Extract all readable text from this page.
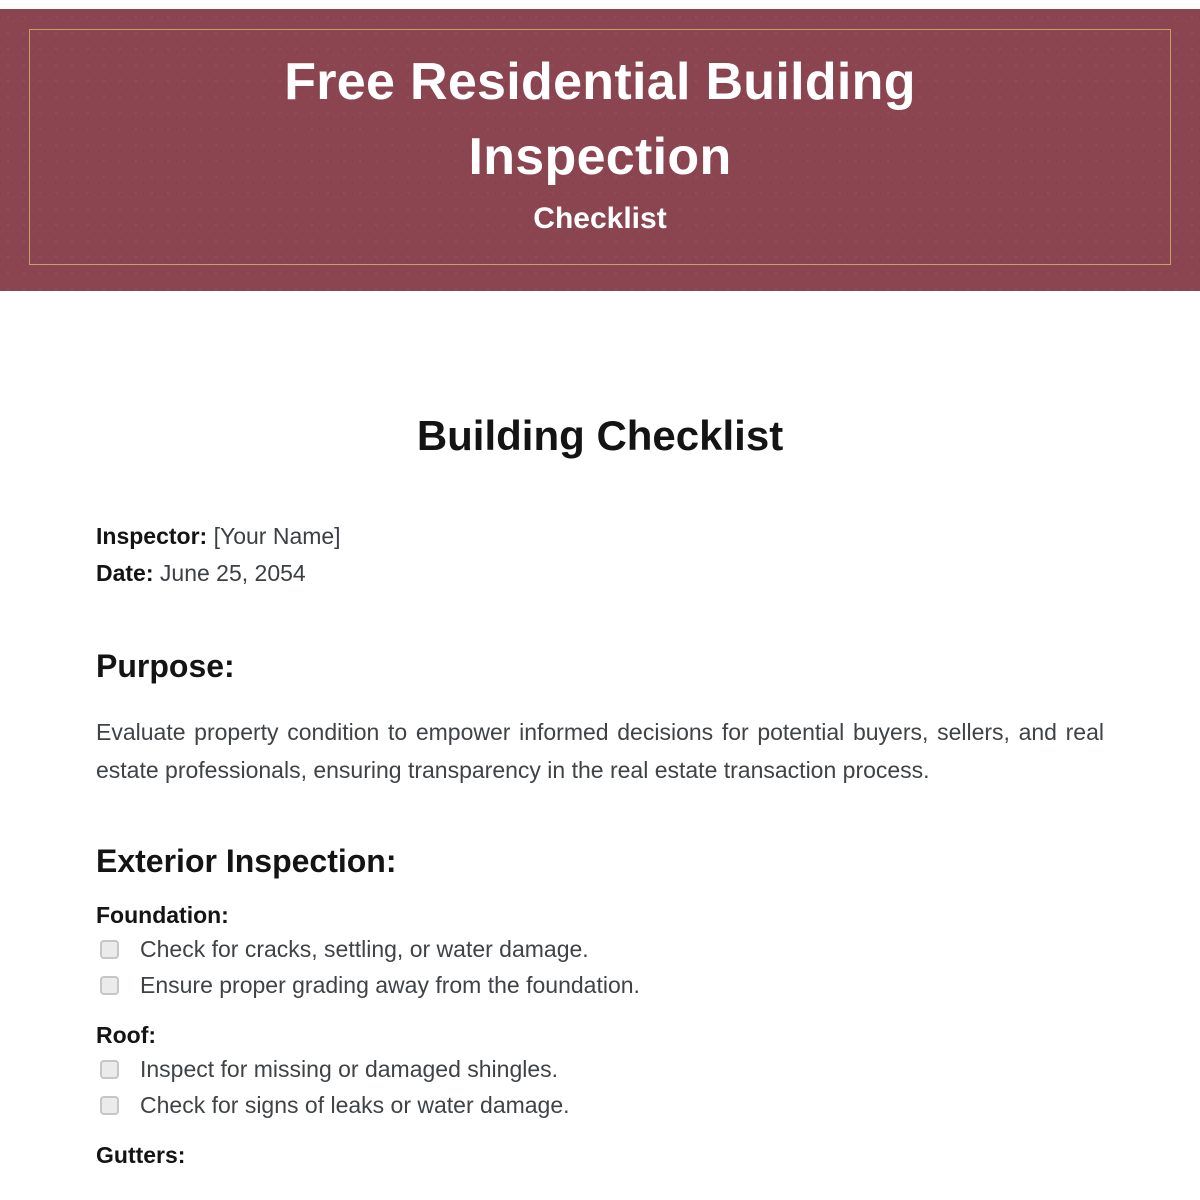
Free Residential Building
Inspection
Checklist
Building Checklist
Inspector: [Your Name]
Date: June 25, 2054
Purpose:

Evaluate property condition to empower informed decisions for potential buyers, sellers, and real estate professionals, ensuring transparency in the real estate transaction process.

Exterior Inspection:
Foundation:
Check for cracks, settling, or water damage.
Ensure proper grading away from the foundation.
Roof:
Inspect for missing or damaged shingles.
Check for signs of leaks or water damage.
Gutters:
